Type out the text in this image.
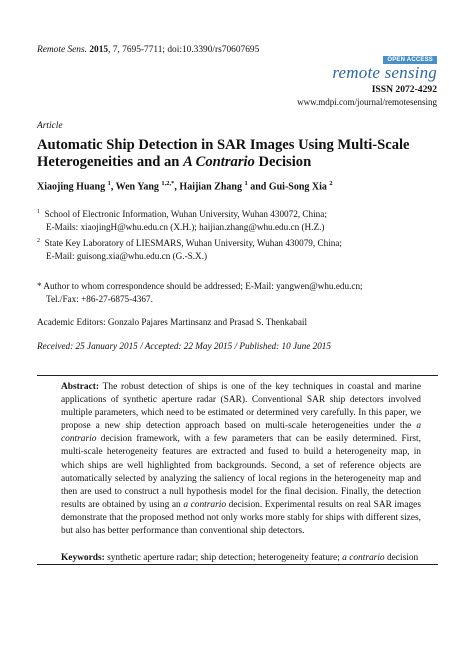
Remote Sens. 2015, 7, 7695-7711; doi:10.3390/rs70607695
OPEN ACCESS
remote sensing
ISSN 2072-4292
www.mdpi.com/journal/remotesensing
Article
Automatic Ship Detection in SAR Images Using Multi-Scale Heterogeneities and an A Contrario Decision
Xiaojing Huang $^1$, Wen Yang $^{1,2,*}$, Haijian Zhang $^1$ and Gui-Song Xia $^2$
$^1$ School of Electronic Information, Wuhan University, Wuhan 430072, China;
E-Mails: xiaojingH@whu.edu.cn (X.H.); haijian.zhang@whu.edu.cn (H.Z.)
$^2$ State Key Laboratory of LIESMARS, Wuhan University, Wuhan 430079, China;
E-Mail: guisong.xia@whu.edu.cn (G.-S.X.)
* Author to whom correspondence should be addressed; E-Mail: yangwen@whu.edu.cn;
Tel./Fax: +86-27-6875-4367.
Academic Editors: Gonzalo Pajares Martinsanz and Prasad S. Thenkabail
Received: 25 January 2015 / Accepted: 22 May 2015 / Published: 10 June 2015
Abstract: The robust detection of ships is one of the key techniques in coastal and marine applications of synthetic aperture radar (SAR). Conventional SAR ship detectors involved multiple parameters, which need to be estimated or determined very carefully. In this paper, we propose a new ship detection approach based on multi-scale heterogeneities under the a contrario decision framework, with a few parameters that can be easily determined. First, multi-scale heterogeneity features are extracted and fused to build a heterogeneity map, in which ships are well highlighted from backgrounds. Second, a set of reference objects are automatically selected by analyzing the saliency of local regions in the heterogeneity map and then are used to construct a null hypothesis model for the final decision. Finally, the detection results are obtained by using an a contrario decision. Experimental results on real SAR images demonstrate that the proposed method not only works more stably for ships with different sizes, but also has better performance than conventional ship detectors.
Keywords: synthetic aperture radar; ship detection; heterogeneity feature; a contrario decision
